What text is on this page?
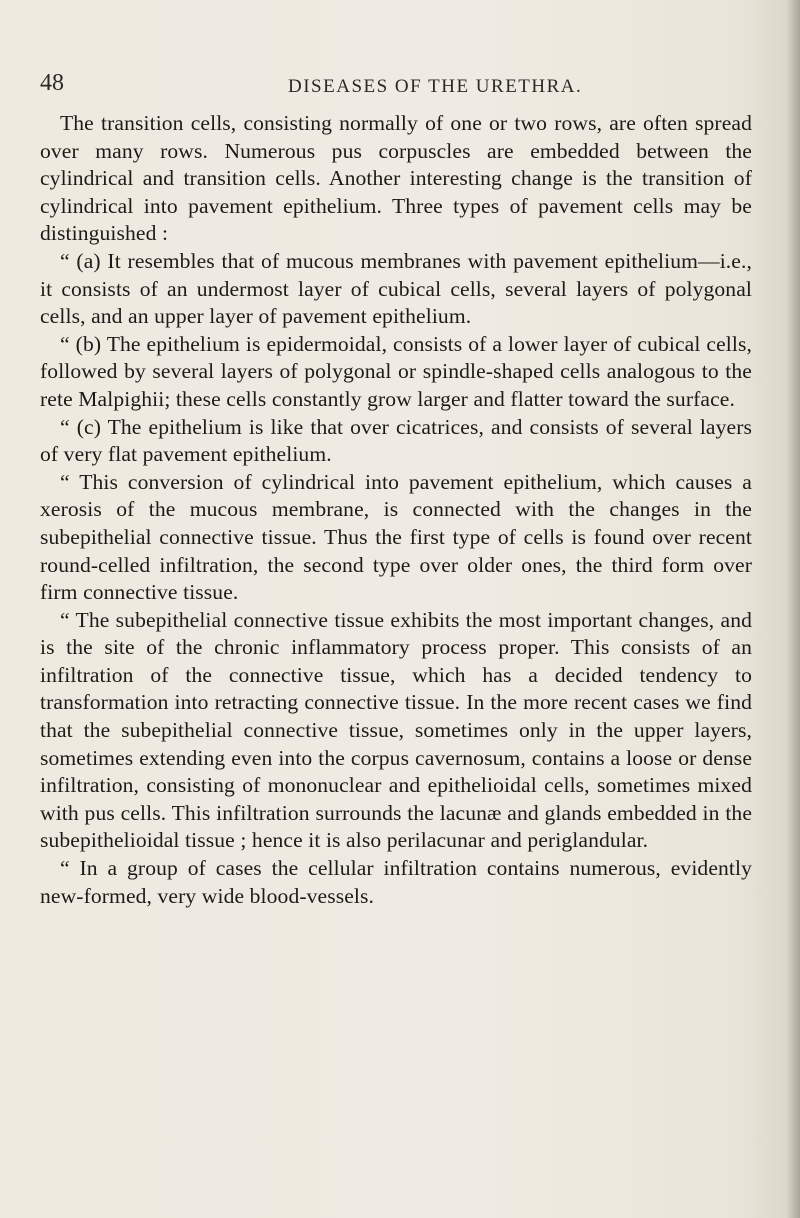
48	DISEASES OF THE URETHRA.

The transition cells, consisting normally of one or two rows, are often spread over many rows. Numerous pus corpuscles are embedded between the cylindrical and transition cells. Another interesting change is the transition of cylindrical into pavement epithelium. Three types of pavement cells may be distinguished :

“ (a) It resembles that of mucous membranes with pavement epithelium—i.e., it consists of an undermost layer of cubical cells, several layers of polygonal cells, and an upper layer of pavement epithelium.

“ (b) The epithelium is epidermoidal, consists of a lower layer of cubical cells, followed by several layers of polygonal or spindle-shaped cells analogous to the rete Malpighii; these cells constantly grow larger and flatter toward the surface.

“ (c) The epithelium is like that over cicatrices, and consists of several layers of very flat pavement epithelium.

“ This conversion of cylindrical into pavement epithelium, which causes a xerosis of the mucous membrane, is connected with the changes in the subepithelial connective tissue. Thus the first type of cells is found over recent round-celled infiltration, the second type over older ones, the third form over firm connective tissue.

“ The subepithelial connective tissue exhibits the most important changes, and is the site of the chronic inflammatory process proper. This consists of an infiltration of the connective tissue, which has a decided tendency to transformation into retracting connective tissue. In the more recent cases we find that the subepithelial connective tissue, sometimes only in the upper layers, sometimes extending even into the corpus cavernosum, contains a loose or dense infiltration, consisting of mononuclear and epithelioidal cells, sometimes mixed with pus cells. This infiltration surrounds the lacunæ and glands embedded in the subepithelioidal tissue ; hence it is also perilacunar and periglandular.

“ In a group of cases the cellular infiltration contains numerous, evidently new-formed, very wide blood-vessels.
